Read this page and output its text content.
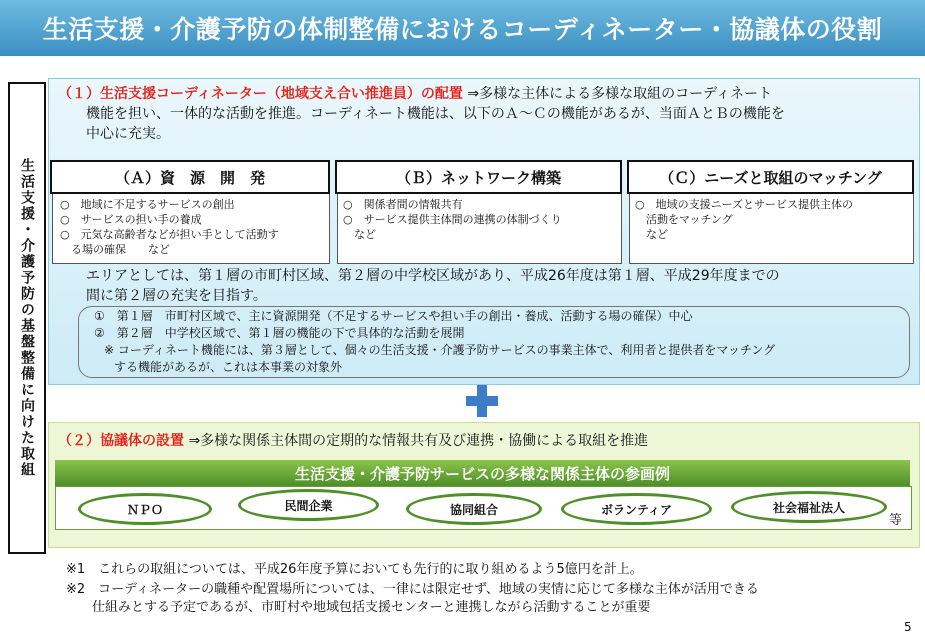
生活支援・介護予防の体制整備におけるコーディネーター・協議体の役割
生活支援・介護予防の基盤整備に向けた取組
（１）生活支援コーディネーター（地域支え合い推進員）の配置 ⇒多様な主体による多様な取組のコーディネート
機能を担い、一体的な活動を推進。コーディネート機能は、以下のＡ～Ｃの機能があるが、当面ＡとＢの機能を
中心に充実。
（Ａ）資　源　開　発
○　地域に不足するサービスの創出
○　サービスの担い手の養成
○　元気な高齢者などが担い手として活動す
　る場の確保　　など
（Ｂ）ネットワーク構築
○　関係者間の情報共有
○　サービス提供主体間の連携の体制づくり
　など
（Ｃ）ニーズと取組のマッチング
○　地域の支援ニーズとサービス提供主体の
　活動をマッチング
　など
エリアとしては、第１層の市町村区域、第２層の中学校区域があり、平成26年度は第１層、平成29年度までの
間に第２層の充実を目指す。
①　第１層　市町村区域で、主に資源開発（不足するサービスや担い手の創出・養成、活動する場の確保）中心
②　第２層　中学校区域で、第１層の機能の下で具体的な活動を展開
※ コーディネート機能には、第３層として、個々の生活支援・介護予防サービスの事業主体で、利用者と提供者をマッチング
する機能があるが、これは本事業の対象外
（２）協議体の設置 ⇒多様な関係主体間の定期的な情報共有及び連携・協働による取組を推進
生活支援・介護予防サービスの多様な関係主体の参画例
ＮＰＯ	民間企業	協同組合	ボランティア	社会福祉法人
等
※1　これらの取組については、平成26年度予算においても先行的に取り組めるよう5億円を計上。
※2　コーディネーターの職種や配置場所については、一律には限定せず、地域の実情に応じて多様な主体が活用できる
　　仕組みとする予定であるが、市町村や地域包括支援センターと連携しながら活動することが重要
5
